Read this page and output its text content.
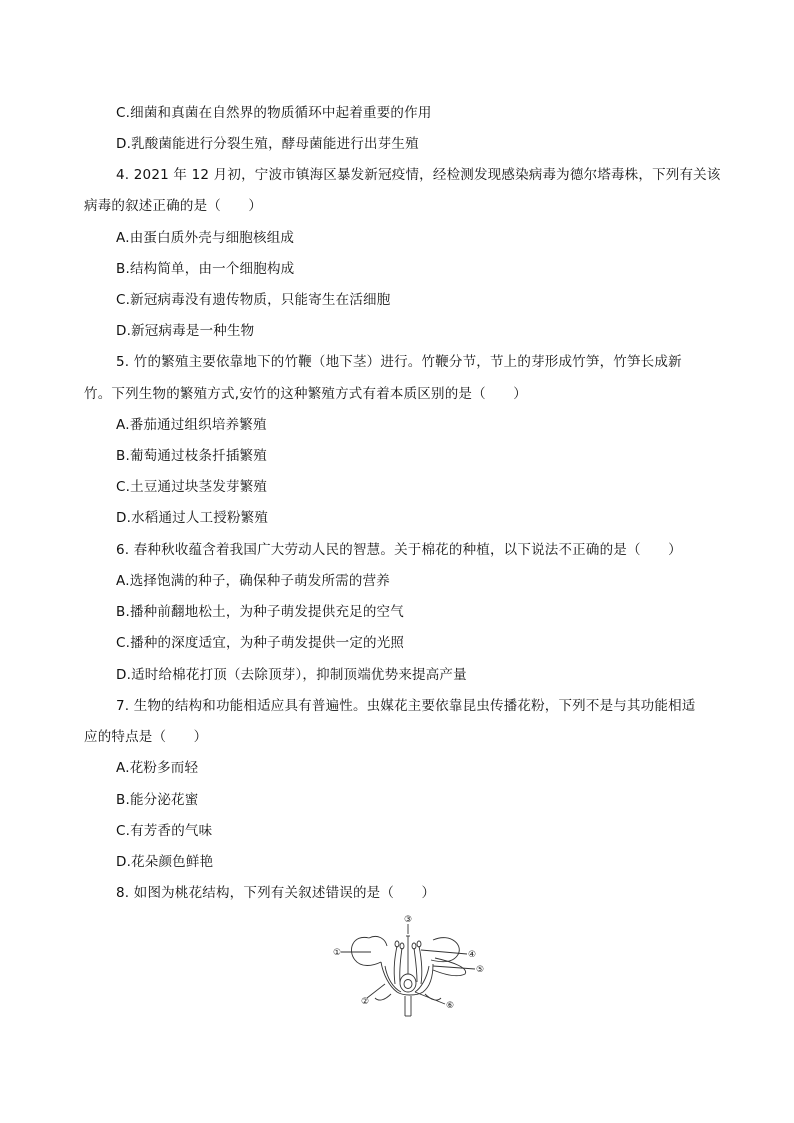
C.细菌和真菌在自然界的物质循环中起着重要的作用
D.乳酸菌能进行分裂生殖，酵母菌能进行出芽生殖
4. 2021 年 12 月初，宁波市镇海区暴发新冠疫情，经检测发现感染病毒为德尔塔毒株，下列有关该
病毒的叙述正确的是（　　）
A.由蛋白质外壳与细胞核组成
B.结构简单，由一个细胞构成
C.新冠病毒没有遗传物质，只能寄生在活细胞
D.新冠病毒是一种生物
5. 竹的繁殖主要依靠地下的竹鞭（地下茎）进行。竹鞭分节，节上的芽形成竹笋，竹笋长成新
竹。下列生物的繁殖方式,安竹的这种繁殖方式有着本质区别的是（　　）
A.番茄通过组织培养繁殖
B.葡萄通过枝条扦插繁殖
C.土豆通过块茎发芽繁殖
D.水稻通过人工授粉繁殖
6. 春种秋收蕴含着我国广大劳动人民的智慧。关于棉花的种植，以下说法不正确的是（　　）
A.选择饱满的种子，确保种子萌发所需的营养
B.播种前翻地松土，为种子萌发提供充足的空气
C.播种的深度适宜，为种子萌发提供一定的光照
D.适时给棉花打顶（去除顶芽），抑制顶端优势来提高产量
7. 生物的结构和功能相适应具有普遍性。虫媒花主要依靠昆虫传播花粉，下列不是与其功能相适
应的特点是（　　）
A.花粉多而轻
B.能分泌花蜜
C.有芳香的气味
D.花朵颜色鲜艳
8. 如图为桃花结构，下列有关叙述错误的是（　　）
①
②
③
④
⑤
⑥
